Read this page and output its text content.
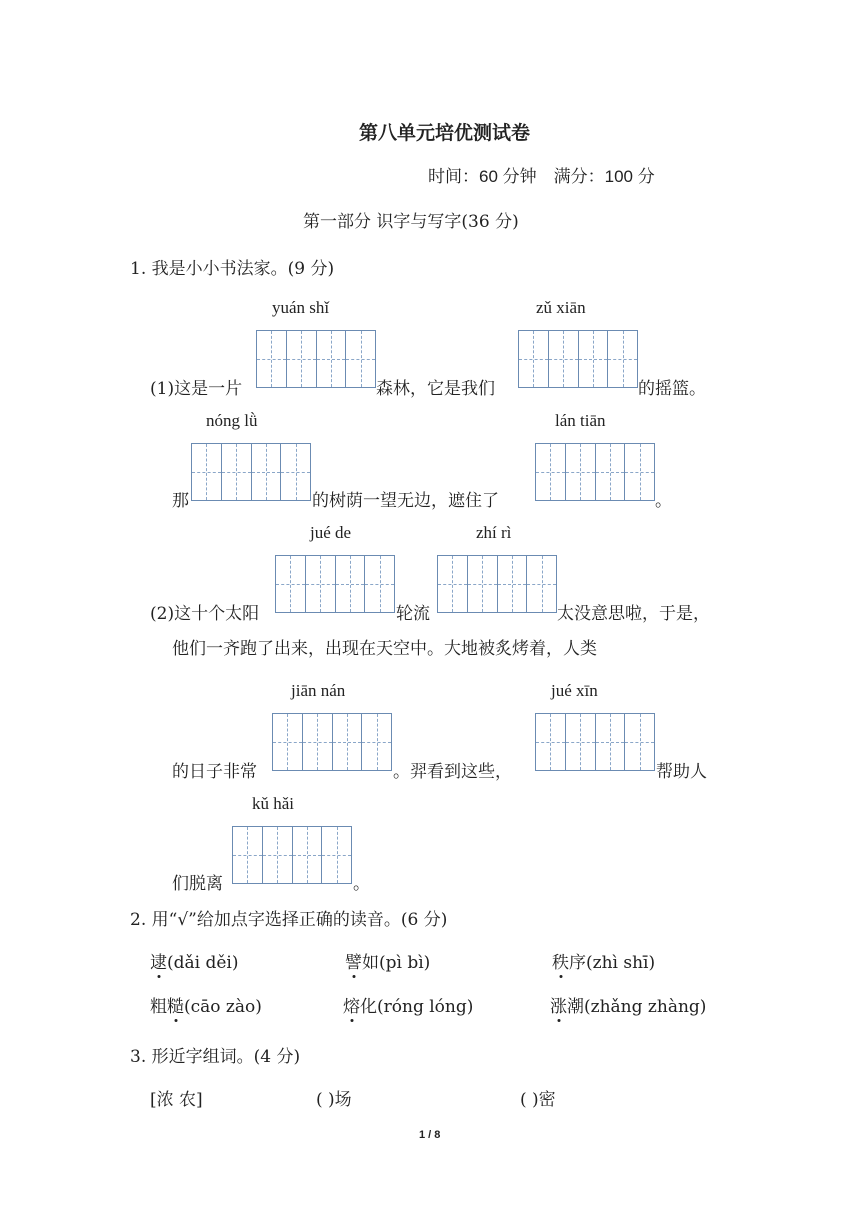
第八单元培优测试卷
时间：60 分钟　满分：100 分
第一部分 识字与写字(36 分)
1. 我是小小书法家。(9 分)
yuán shǐ	zǔ xiān
(1)这是一片	森林，它是我们	的摇篮。
nóng lǜ	lán tiān
那	的树荫一望无边，遮住了	。
jué de	zhí rì
(2)这十个太阳	轮流	太没意思啦，于是，
他们一齐跑了出来，出现在天空中。大地被炙烤着，人类
jiān nán	jué xīn
的日子非常	。羿看到这些，	帮助人
kǔ hǎi
们脱离	。
2. 用“√”给加点字选择正确的读音。(6 分)
逮(dǎi děi)	譬如(pì bì)	秩序(zhì shī)
粗糙(cāo zào)	熔化(róng lóng)	涨潮(zhǎng zhàng)
3. 形近字组词。(4 分)
[浓 农]	( )场	( )密
1 / 8
